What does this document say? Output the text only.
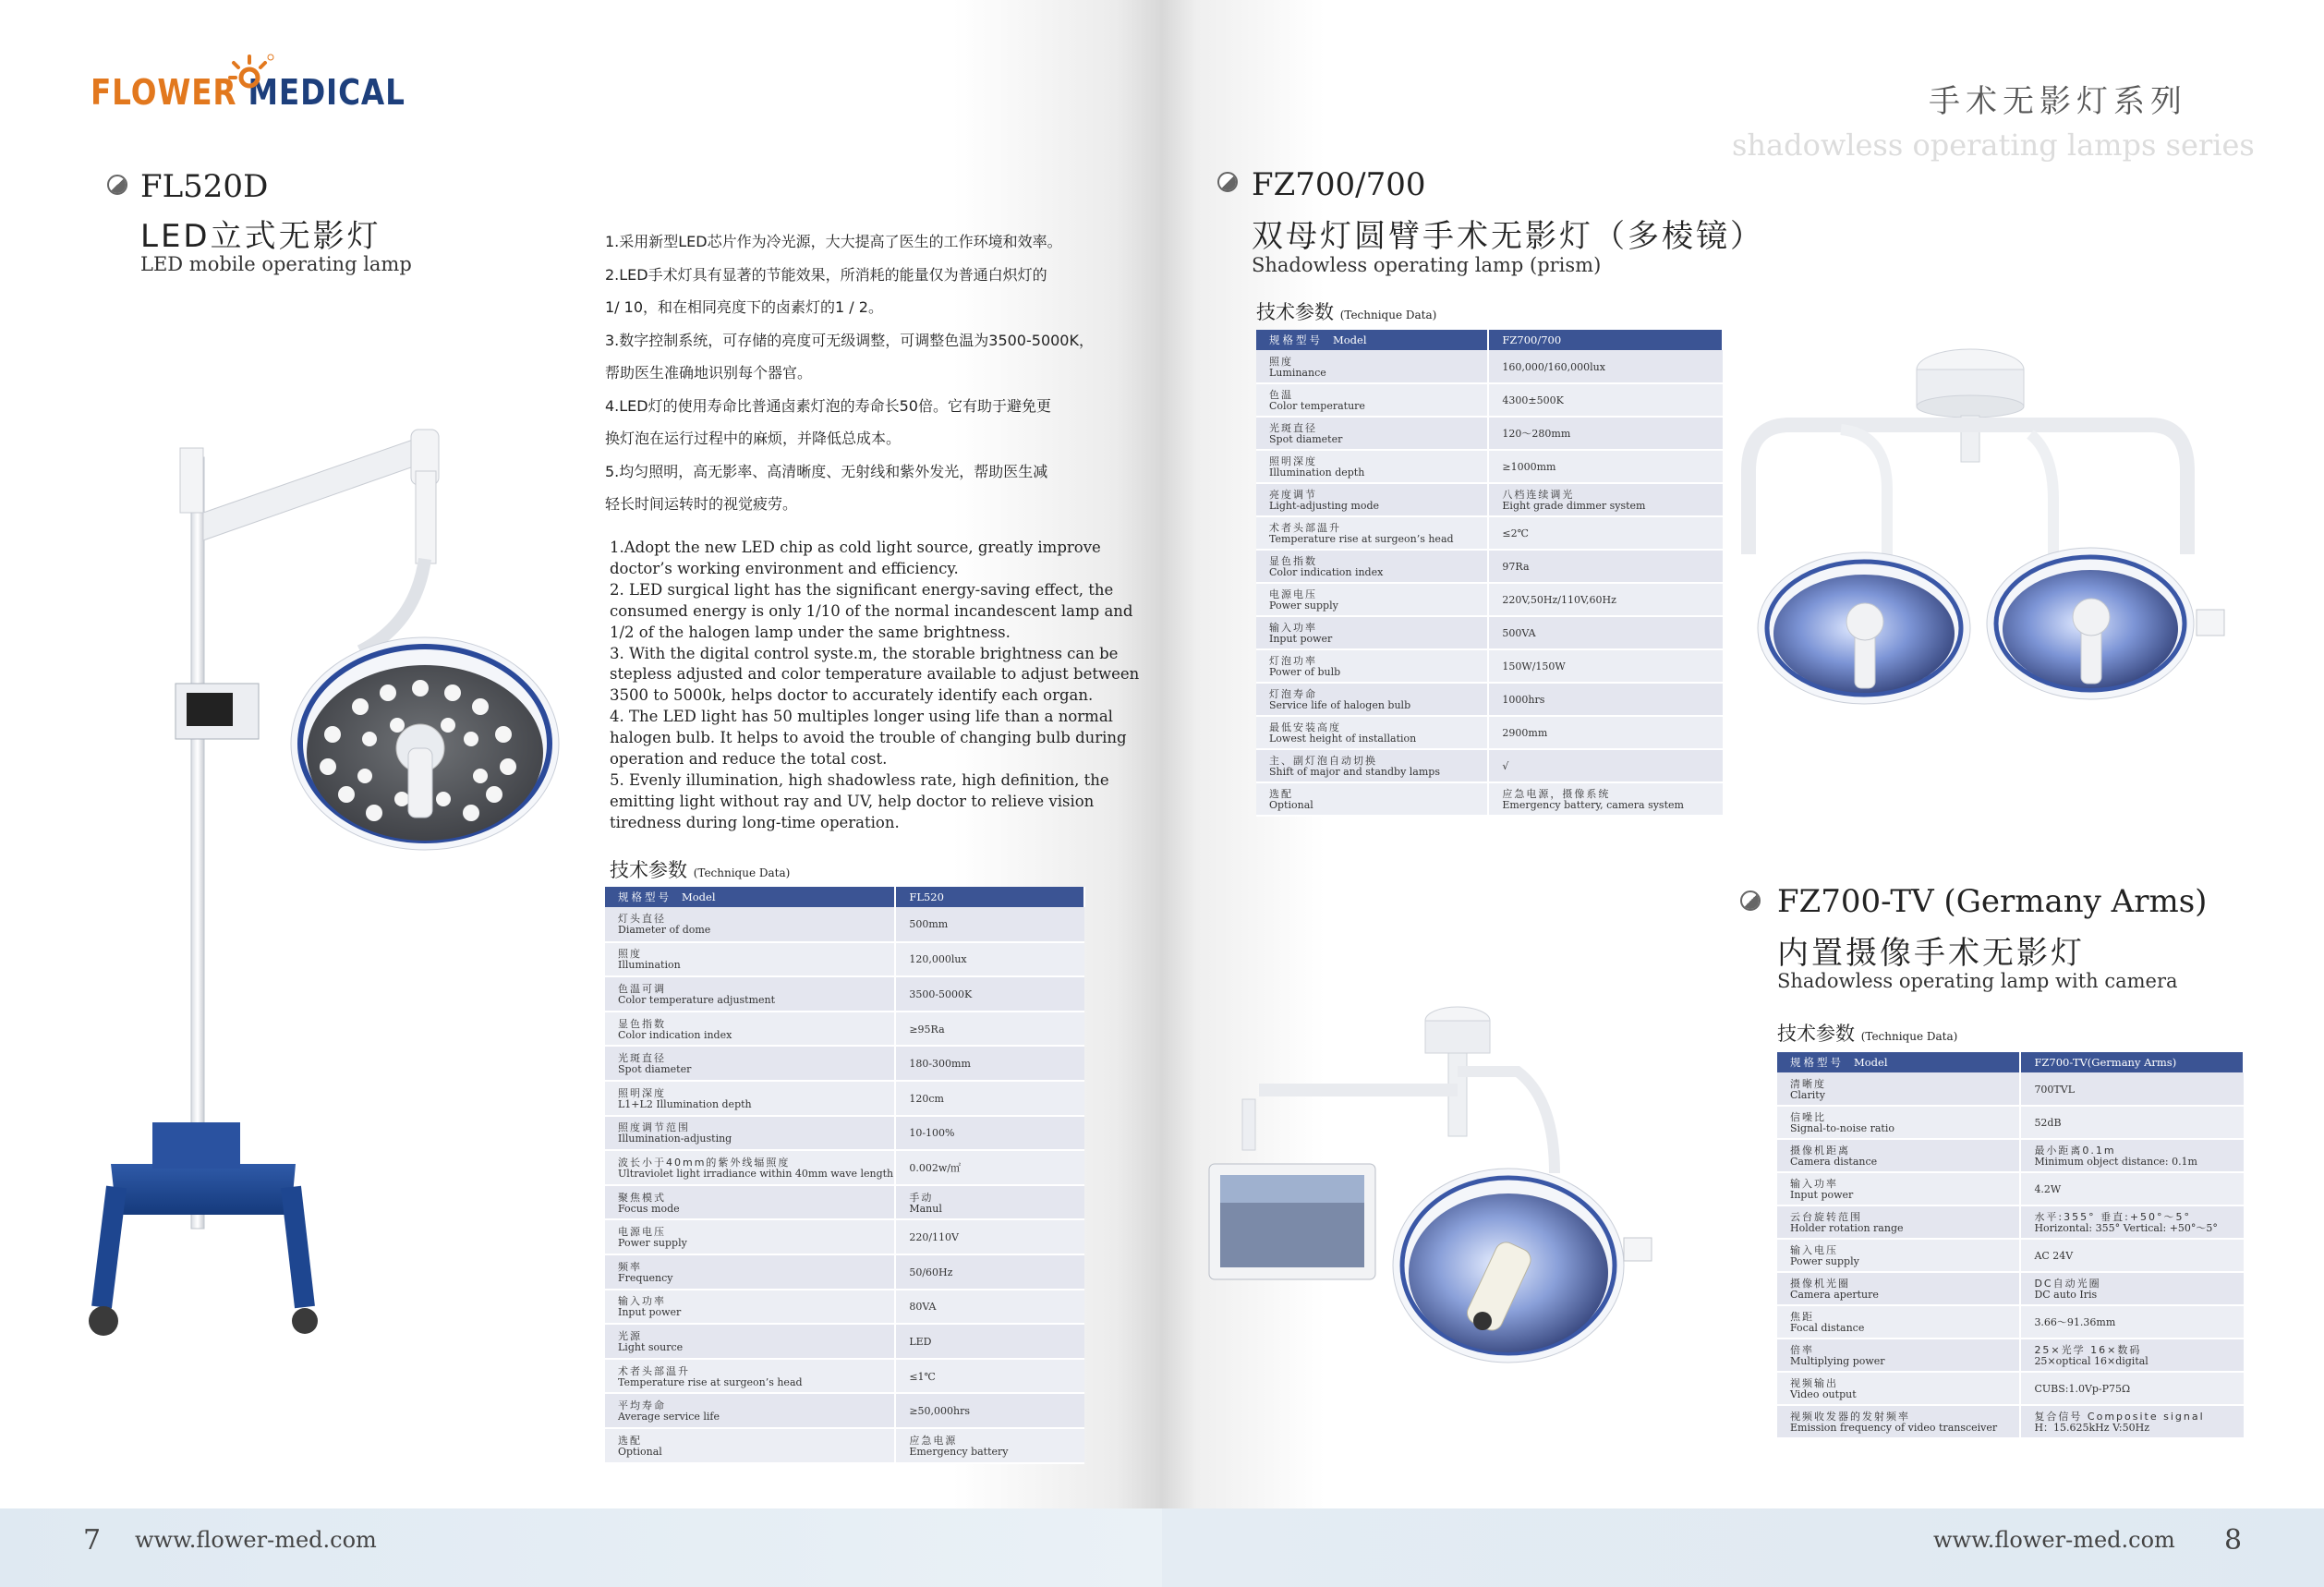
FLOWER MEDICAL
FL520D
LED立式无影灯
LED mobile operating lamp
1.采用新型LED芯片作为冷光源，大大提高了医生的工作环境和效率。
2.LED手术灯具有显著的节能效果，所消耗的能量仅为普通白炽灯的
1/ 10，和在相同亮度下的卤素灯的1 / 2。
3.数字控制系统，可存储的亮度可无级调整，可调整色温为3500-5000K，
帮助医生准确地识别每个器官。
4.LED灯的使用寿命比普通卤素灯泡的寿命长50倍。它有助于避免更
换灯泡在运行过程中的麻烦，并降低总成本。
5.均匀照明，高无影率、高清晰度、无射线和紫外发光，帮助医生减
轻长时间运转时的视觉疲劳。
1.Adopt the new LED chip as cold light source, greatly improve doctor’s working environment and efficiency.
2. LED surgical light has the significant energy-saving effect, the consumed energy is only 1/10 of the normal incandescent lamp and 1/2 of the halogen lamp under the same brightness.
3. With the digital control syste.m, the storable brightness can be stepless adjusted and color temperature available to adjust between 3500 to 5000k, helps doctor to accurately identify each organ.
4. The LED light has 50 multiples longer using life than a normal halogen bulb. It helps to avoid the trouble of changing bulb during operation and reduce the total cost.
5. Evenly illumination, high shadowless rate, high definition, the emitting light without ray and UV, help doctor to relieve vision tiredness during long-time operation.
技术参数 (Technique Data)
规格型号 Model	FL520

灯头直径
Diameter of dome	500mm

照度
Illumination	120,000lux

色温可调
Color temperature adjustment	3500-5000K

显色指数
Color indication index	≥95Ra

光斑直径
Spot diameter	180-300mm

照明深度
L1+L2 Illumination depth	120cm

照度调节范围
Illumination-adjusting	10-100%

波长小于40mm的紫外线辐照度
Ultraviolet light irradiance within 40mm wave length	0.002w/㎡

聚焦模式
Focus mode	手动
Manul

电源电压
Power supply	220/110V

频率
Frequency	50/60Hz

输入功率
Input power	80VA

光源
Light source	LED

术者头部温升
Temperature rise at surgeon’s head	≤1℃

平均寿命
Average service life	≥50,000hrs

选配
Optional	应急电源
Emergency battery
7 www.flower-med.com
手术无影灯系列
shadowless operating lamps series
FZ700/700
双母灯圆臂手术无影灯（多棱镜）
Shadowless operating lamp (prism)
技术参数 (Technique Data)
规格型号 Model	FZ700/700

照度
Luminance	160,000/160,000lux

色温
Color temperature	4300±500K

光斑直径
Spot diameter	120～280mm

照明深度
Illumination depth	≥1000mm

亮度调节
Light-adjusting mode	八档连续调光
Eight grade dimmer system

术者头部温升
Temperature rise at surgeon’s head	≤2℃

显色指数
Color indication index	97Ra

电源电压
Power supply	220V,50Hz/110V,60Hz

输入功率
Input power	500VA

灯泡功率
Power of bulb	150W/150W

灯泡寿命
Service life of halogen bulb	1000hrs

最低安装高度
Lowest height of installation	2900mm

主、副灯泡自动切换
Shift of major and standby lamps	√

选配
Optional	应急电源，摄像系统
Emergency battery, camera system
FZ700-TV (Germany Arms)
内置摄像手术无影灯
Shadowless operating lamp with camera
技术参数 (Technique Data)
规格型号 Model	FZ700-TV(Germany Arms)

清晰度
Clarity	700TVL

信噪比
Signal-to-noise ratio	52dB

摄像机距离
Camera distance	最小距离0.1m
Minimum object distance: 0.1m

输入功率
Input power	4.2W

云台旋转范围
Holder rotation range	水平:355° 垂直:+50°～5°
Horizontal: 355° Vertical: +50°～5°

输入电压
Power supply	AC 24V

摄像机光圈
Camera aperture	DC自动光圈
DC auto Iris

焦距
Focal distance	3.66～91.36mm

倍率
Multiplying power	25×光学 16×数码
25×optical 16×digital

视频输出
Video output	CUBS:1.0Vp-P75Ω

视频收发器的发射频率
Emission frequency of video transceiver	复合信号 Composite signal
H：15.625kHz V:50Hz
www.flower-med.com 8
